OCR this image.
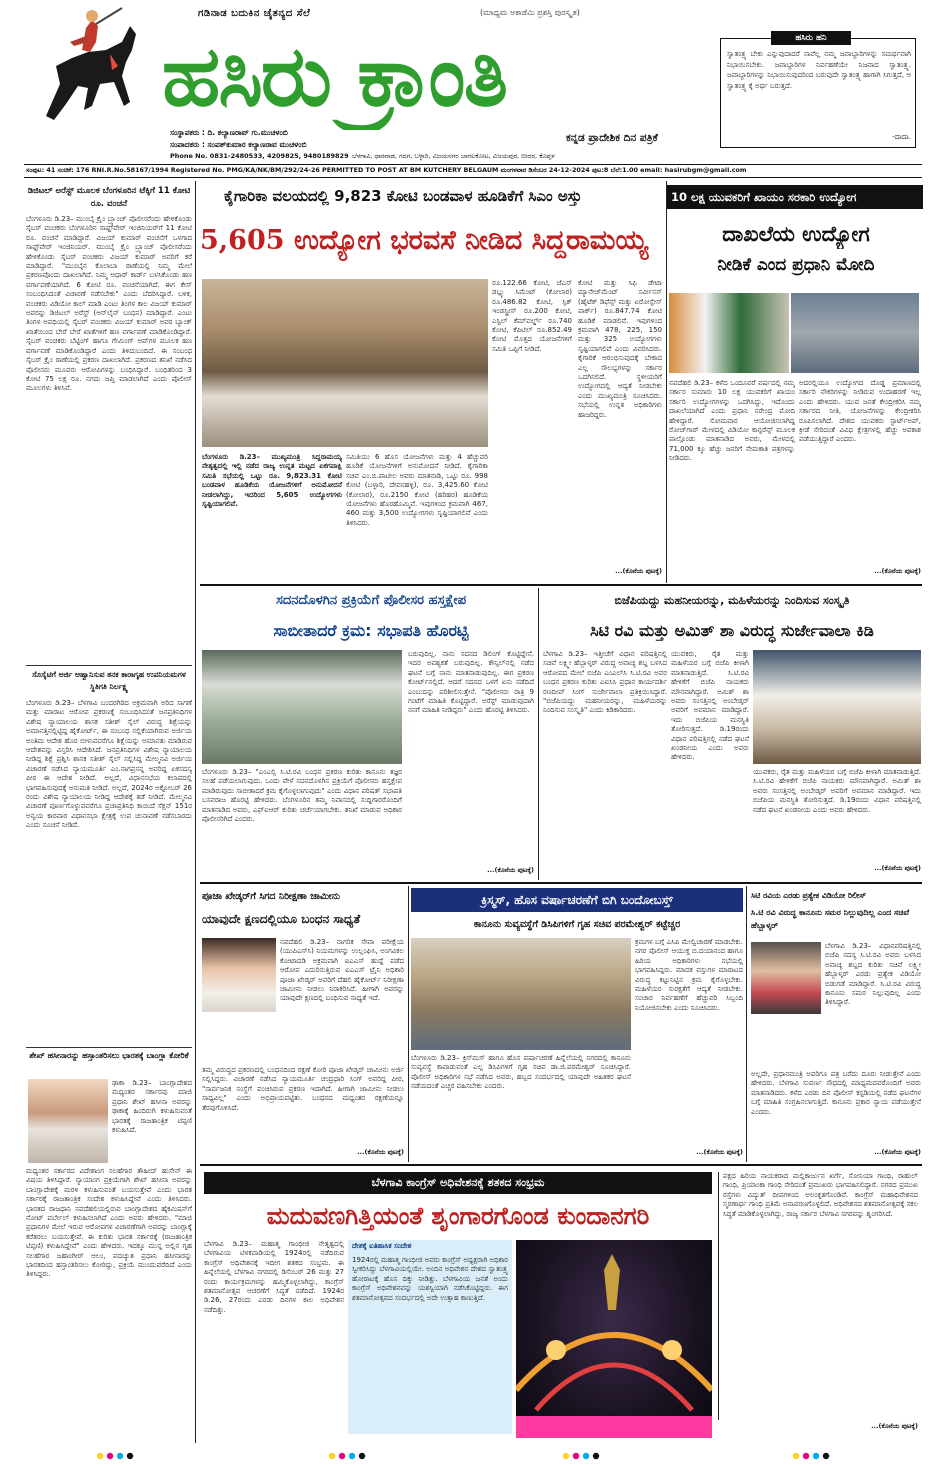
ಗಡಿನಾಡ ಬದುಕಿನ ಚೈತನ್ಯದ ಸೆಲೆ	(ಮಾಧ್ಯಮ ಅಕಾಡೆಮಿ ಪ್ರಶಸ್ತಿ ಪುರಸ್ಕೃತ)
ಹಸಿರು ಕ್ರಾಂತಿ
ಕನ್ನಡ ಪ್ರಾದೇಶಿಕ ದಿನ ಪತ್ರಿಕೆ
ಸಂಸ್ಥಾಪಕರು : ದಿ. ಕಲ್ಯಾಣರಾವ್ ಗು.ಮುಚಳಂಬಿ
ಸಂಪಾದಕರು : ಸಂಪತ್‌ಕುಮಾರ ಕಲ್ಯಾಣರಾವ ಮುಚಳಂಬಿ
Phone No. 0831-2480533, 4209825, 9480189829 ಬೆಳಗಾವಿ, ಧಾರವಾಡ, ಗದಗ, ಬಳ್ಳಾರಿ, ವಿಜಯನಗರ ಬಾಗಲಕೋಟ, ವಿಜಯಪುರ, ಬೀದರ, ಕೊಪ್ಪಳ
ಹಸಿರು ಹನಿ
ಸ್ವಾತಂತ್ರ್ಯ ಬೇಕು ಎನ್ನುವುದಾದರೆ ನಾವೆಲ್ಲ ನಮ್ಮ ಜವಾಬ್ದಾರಿಗಳನ್ನು ಸಮರ್ಥವಾಗಿ ನಿಭಾಯಿಸಬೇಕು. ಜವಾಬ್ದಾರಿಗಳ ನಿರ್ವಹಣೆಯೇ ನಿಜವಾದ ಸ್ವಾತಂತ್ರ್ಯ. ಜವಾಬ್ದಾರಿಗಳನ್ನು ನಿಭಾಯಿಸುವುದರಿಂದ ಬರುವುದೇ ಸ್ವಾತಂತ್ರ್ಯ ಹಾಗಾಗಿ ಸಿಗುತ್ತದೆ, ಆ ಸ್ವಾತಂತ್ರ್ಯ ಕ್ಕೆ ಅರ್ಥ ಬರುತ್ತದೆ.
-ದಾದಾ.
ಸಂಪುಟ: 41 ಸಂಚಿಕೆ: 176 RNI.R.No.58167/1994 Registered No. PMG/KA/NK/BM/292/24-26 PERMITTED TO POST AT BM KUTCHERY BELGAUM ಮಂಗಳವಾರ ಡಿಸೆಂಬರ 24-12-2024 ಪುಟ:8 ಬೆಲೆ:1.00 email: hasirubgm@gmail.com
ಡಿಜಿಟಲ್ ಅರೆಸ್ಟ್ ಮೂಲಕ ಬೆಂಗಳೂರಿನ ಟೆಕ್ಕಿಗೆ 11 ಕೋಟಿ ರೂ. ವಂಚನೆ
ಬೆಂಗಳೂರು ಡಿ.23– ಮುಂಬೈ ಕ್ರೈಂ ಬ್ರ್ಯಾಂಚ್ ಪೊಲೀಸರೆಂದು ಹೇಳಿಕೊಂಡು ಸೈಬರ್ ವಂಚಕರು ಬೆಂಗಳೂರಿನ ಸಾಫ್ಟ್‌ವೇರ್ ಇಂಜಿನಿಯರ್‌ಗೆ 11 ಕೋಟಿ ರೂ. ವಂಚನೆ ಮಾಡಿದ್ದಾರೆ. ವಿಜಯ್ ಕುಮಾರ್ ವಂಚನೆಗೆ ಒಳಗಾದ ಸಾಫ್ಟ್‌ವೇರ್ ಇಂಜಿನಿಯರ್. ಮುಂಬೈ ಕ್ರೈಂ ಬ್ರ್ಯಾಂಚ್ ಪೊಲೀಸರೆಂದು ಹೇಳಿಕೊಂಡು ಸೈಬರ್ ವಂಚಕರು ವಿಜಯ್ ಕುಮಾರ್ ಅವರಿಗೆ ಕರೆ ಮಾಡಿದ್ದಾರೆ. "ಮುಂಬೈನ ಕೊಲಾಬಾ ಠಾಣೆಯಲ್ಲಿ ನಿಮ್ಮ ಮೇಲೆ ಪ್ರಕರಣವೊಂದು ದಾಖಲಾಗಿದೆ. ನಿಮ್ಮ ಆಧಾರ್ ಕಾರ್ಡ್ ಬಳಸಿಕೊಂಡು ಹಣ ವರ್ಗಾವಣೆಯಾಗಿದೆ. 6 ಕೋಟಿ ರೂ. ವಂಚನೆಯಾಗಿದೆ. ಈಗ ಕೇಸ್ ಸಂಬಂಧಿಸಿದಂತೆ ವಿಚಾರಣೆ ನಡೆಸಬೇಕು" ಎಂದು ಬೆದರಿಸಿದ್ದಾರೆ. ಬಳಿಕ, ವಂಚಕರು ವಿಡಿಯೋ ಕಾಲ್ ಮಾಡಿ ಎಂಟು ತಿಂಗಳ ಕಾಲ ವಿಜಯ್ ಕುಮಾರ್ ಅವರನ್ನು ಡಿಜಿಟಲ್ ಅರೆಸ್ಟ್ (ಆನ್‌ಲೈನ್ ಬಂಧನ) ಮಾಡಿದ್ದಾರೆ. ಎಂಟು ತಿಂಗಳ ಅವಧಿಯಲ್ಲಿ ಸೈಬರ್ ವಂಚಕರು ವಿಜಯ್ ಕುಮಾರ್ ಅವರ ಬ್ಯಾಂಕ್ ಖಾತೆಯಿಂದ ಬೇರೆ ಬೇರೆ ಖಾತೆಗಳಿಗೆ ಹಣ ವರ್ಗಾವಣೆ ಮಾಡಿಕೊಂಡಿದ್ದಾರೆ. ಸೈಬರ್ ವಂಚಕರು ಬೆಟ್ಟಿಂಗ್ ಹಾಗೂ ಗೇಮಿಂಗ್ ಆಪ್‌ಗಳ ಮೂಲಕ ಹಣ ವರ್ಗಾವಣೆ ಮಾಡಿಕೊಂಡಿದ್ದಾರೆ ಎಂದು ತಿಳಿದುಬಂದಿದೆ. ಈ ಸಂಬಂಧ ಸೈಬರ್ ಕ್ರೈಂ ಠಾಣೆಯಲ್ಲಿ ಪ್ರಕರಣ ದಾಖಲಾಗಿದೆ. ಪ್ರಕರಣದ ತನಿಖೆ ನಡೆಸಿದ ಪೊಲೀಸರು ಮೂವರು ಆರೋಪಿಗಳನ್ನು ಬಂಧಿಸಿದ್ದಾರೆ. ಬಂಧಿತರಿಂದ 3 ಕೋಟಿ 75 ಲಕ್ಷ ರೂ. ನಗದು ಜಪ್ತಿ ಮಾಡಲಾಗಿದೆ ಎಂದು ಪೊಲೀಸ್ ಮೂಲಗಳು ತಿಳಿಸಿವೆ.
ಸೊಸೈಟಿಗೆ ಅರ್ಜಿ ಆಹ್ವಾನಿಸುವ ತನಕ ಕಾರಾಗೃಹ ಉಪನಿಯಮಗಳ ಸ್ಥಿತಿಗತಿ ನಿರ್ಲಕ್ಷ್ಯ
ಬೆಂಗಳೂರು ಡಿ.23– ಬೆಳಗಾವಿ ಬಂದರಗಿರಿದ ಅಕ್ರಮವಾಗಿ ಅರಿದ ಸಾಗಣೆ ಮತ್ತು ಮಾರಾಟ ಆರೋಪ ಪ್ರಕರಣಕ್ಕೆ ಸಂಬಂಧಿಸಿದಂತೆ ಜನಪ್ರತಿನಿಧಿಗಳ ವಿಶೇಷ ನ್ಯಾಯಾಲಯ ಶಾಸಕ ಸತೀಶ್ ಸೈಲ್ ವಿರುದ್ಧ ಶಿಕ್ಷೆಯನ್ನು ಅಮಾನತ್ತಿನಲ್ಲಿಟ್ಟಿದ್ದ ಹೈಕೋರ್ಟ್, ಈ ಸಂಬಂಧ ಸಲ್ಲಿಕೆಯಾಗಿರುವ ಅರ್ಜಿಯ ಅಂತಿಮ ಆದೇಶ ಹೊರ ಬೀಳುವವರೆಗೂ ಶಿಕ್ಷೆಯನ್ನು ಅಮಾನತು ಮಾಡಿರುವ ಆದೇಶವನ್ನು ವಿಸ್ತರಿಸಿ ಆದೇಶಿಸಿದೆ. ಜನಪ್ರತಿನಿಧಿಗಳ ವಿಶೇಷ ನ್ಯಾಯಾಲಯ ನೀಡಿದ್ದ ಶಿಕ್ಷೆ ಪ್ರಶ್ನಿಸಿ ಶಾಸಕ ಸತೀಶ್ ಸೈಲ್ ಸಲ್ಲಿಸಿದ್ದ ಮೇಲ್ಮನವಿ ಅರ್ಜಿಯ ವಿಚಾರಣೆ ನಡೆಸಿದ ನ್ಯಾಯಮೂರ್ತಿ ಎಂ.ನಾಗಪ್ರಸನ್ನ ಅವರಿದ್ದ ಏಕಸದಸ್ಯ ಪೀಠ ಈ ಆದೇಶ ನೀಡಿದೆ. ಅಲ್ಲದೆ, ವಿಧಾನಸಭೆಯ ಕಲಾಪದಲ್ಲಿ ಭಾಗವಹಿಸುವುದಕ್ಕೆ ಅನುಮತಿ ನೀಡಿದೆ. ಅಲ್ಲದೆ, 2024ರ ಅಕ್ಟೋಬರ್ 26 ರಂದು ವಿಶೇಷ ನ್ಯಾಯಾಲಯ ನೀಡಿದ್ದ ಆದೇಶಕ್ಕೆ ತಡೆ ನೀಡಿದೆ. ಮೇಲ್ಮನವಿ ವಿಚಾರಣೆ ಪೂರ್ಣಗೊಳ್ಳುವವರೆಗೂ ಪ್ರಜಾಪ್ರತಿನಿಧಿ ಕಾಯಿದೆ ಸೆಕ್ಷನ್ 151ರ ಅನ್ವಯ ಕಾರವಾರ ವಿಧಾನಸಭಾ ಕ್ಷೇತ್ರಕ್ಕೆ ಉಪ ಚುನಾವಣೆ ನಡೆಸಬಾರದು ಎಂದು ಸೂಚನೆ ನೀಡಿದೆ.
ಶೇಖ್ ಹಸೀನಾರನ್ನು ಹಸ್ತಾಂತರಿಸಲು ಭಾರತಕ್ಕೆ ಬಾಂಗ್ಲಾ ಕೋರಿಕೆ
ಢಾಕಾ ಡಿ.23– ಬಾಂಗ್ಲಾದೇಶದ ಮಧ್ಯಂತರ ಸರ್ಕಾರವು ಮಾಜಿ ಪ್ರಧಾನಿ ಶೇಖ್ ಹಸೀನಾ ಅವರನ್ನು ಢಾಕಾಕ್ಕೆ ಹಿಂದಿರುಗಿ ಕಳುಹಿಸುವಂತೆ ಭಾರತಕ್ಕೆ ರಾಜತಾಂತ್ರಿಕ ಟಿಪ್ಪಣಿ ಕಳುಹಿಸಿದೆ.
ಮಧ್ಯಂತರ ಸರ್ಕಾರದ ವಿದೇಶಾಂಗ ಸಲಹೆಗಾರ ತೌಹೀದ್ ಹುಸೇನ್ ಈ ವಿಷಯ ತಿಳಿಸಿದ್ದಾರೆ. ನ್ಯಾಯಾಂಗ ಪ್ರಕ್ರಿಯೆಗಾಗಿ ಶೇಖ್ ಹಸೀನಾ ಅವರನ್ನು ಬಾಂಗ್ಲಾದೇಶಕ್ಕೆ ಮರಳಿ ಕಳುಹಿಸುವಂತೆ ಬಯಸುತ್ತೇವೆ ಎಂದು ಭಾರತ ಸರ್ಕಾರಕ್ಕೆ ರಾಜತಾಂತ್ರಿಕ ಸಂದೇಶ ಕಳುಹಿಸಿದ್ದೇವೆ ಎಂದು ತಿಳಿಸಿದರು. ಭಾರತದ ರಾಜಧಾನಿ ನವದೆಹಲಿಯಲ್ಲಿರುವ ಬಾಂಗ್ಲಾದೇಶದ ಹೈಕಮಿಷನ್‌ಗೆ ನೋಟ್ ವರ್ಬೇಲ್ ಕಳುಹಿಸಲಾಗಿದೆ ಎಂದು ಅವರು ಹೇಳಿದರು. "ಮಾಜಿ ಪ್ರಧಾನಿಗಳ ಮೇಲೆ ಇರುವ ಆರೋಪಗಳ ವಿಚಾರಣೆಗಾಗಿ ಅವರನ್ನು ಬಾಂಗ್ಲಾಕ್ಕೆ ಕರೆತರಲು ಬಯಸುತ್ತೇವೆ. ಈ ಕುರಿತು ಭಾರತ ಸರ್ಕಾರಕ್ಕೆ (ರಾಜತಾಂತ್ರಿಕ ಟಿಪ್ಪಣಿ) ಕಳುಹಿಸಿದ್ದೇವೆ" ಎಂದು ಹೇಳಿದರು. ಇದಕ್ಕೂ ಮುನ್ನ ಅಲ್ಲಿನ ಗೃಹ ಸಲಹೆಗಾರ ಜಹಾಂಗೀರ್ ಆಲಂ, ಪದಚ್ಯುತ ಪ್ರಧಾನಿ ಹಸೀನಾರನ್ನು ಭಾರತದಿಂದ ಹಸ್ತಾಂತರಿಸಲು ಕೋರಿದ್ದು, ಪ್ರಕ್ರಿಯೆ ಮುಂದುವರೆದಿದೆ ಎಂದು ತಿಳಿಸಿದ್ದರು.
ಕೈಗಾರಿಕಾ ವಲಯದಲ್ಲಿ 9,823 ಕೋಟಿ ಬಂಡವಾಳ ಹೂಡಿಕೆಗೆ ಸಿಎಂ ಅಸ್ತು
5,605 ಉದ್ಯೋಗ ಭರವಸೆ ನೀಡಿದ ಸಿದ್ದರಾಮಯ್ಯ
ಬೆಂಗಳೂರು ಡಿ.23– ಮುಖ್ಯಮಂತ್ರಿ ಸಿದ್ದರಾಮಯ್ಯ ನೇತೃತ್ವದಲ್ಲಿ ಇಲ್ಲಿ ನಡೆದ ರಾಜ್ಯ ಉನ್ನತ ಮಟ್ಟದ ಏಕಗವಾಕ್ಷಿ ಸಮಿತಿ ಸಭೆಯಲ್ಲಿ ಒಟ್ಟು ರೂ. 9,823.31 ಕೋಟಿ ಬಂಡವಾಳ ಹೂಡಿಕೆಯ ಯೋಜನೆಗಳಿಗೆ ಅನುಮೋದನೆ ನೀಡಲಾಗಿದ್ದು, ಇದರಿಂದ 5,605 ಉದ್ಯೋಗಗಳು ಸೃಷ್ಟಿಯಾಗಲಿವೆ.
ಸಮಿತಿಯು 6 ಹೊಸ ಯೋಜನೆಗಳು ಮತ್ತು 4 ಹೆಚ್ಚುವರಿ ಹೂಡಿಕೆ ಯೋಜನೆಗಳಿಗೆ ಅನುಮೋದನೆ ನೀಡಿದೆ. ಕೈಗಾರಿಕಾ ಸಚಿವ ಎಂ.ಬಿ.ಪಾಟೀಲ ಅವರು ಮಾತನಾಡಿ, ಒಟ್ಟು ರೂ. 998 ಕೋಟಿ (ಬಳ್ಳಾರಿ, ದೇವನಹಳ್ಳಿ), ರೂ. 3,425.60 ಕೋಟಿ (ಕೋಲಾರ), ರೂ.2150 ಕೋಟಿ (ಹರಿಹರ) ಹೂಡಿಕೆಯ ಯೋಜನೆಗಳು ಹೊರಹೊಮ್ಮಿವೆ. ಇವುಗಳಿಂದ ಕ್ರಮವಾಗಿ 467, 460 ಮತ್ತು 3,500 ಉದ್ಯೋಗಗಳು ಸೃಷ್ಟಿಯಾಗಲಿವೆ ಎಂದು ತಿಳಿಸಿದರು.
ರೂ.122.66 ಕೋಟಿ, ಜೆಎಸ್ ಡಬ್ಲ್ಯು ಸಿಮೆಂಟ್ (ಕೋಲಾರ) ರೂ.486.82 ಕೋಟಿ, ಸ್ಪಿಕ್ ಇಂಡಸ್ಟ್ರೀಸ್ ರೂ.200 ಕೋಟಿ, ಎಸ್ಟಿಲ್ ಕೆಮ್‌ವರ್ಲ್ಡ್ ರೂ.740 ಕೋಟಿ, ಕೆಪಿಟಿಲ್ ರೂ.852.49 ಕೋಟಿ ಮೊತ್ತದ ಯೋಜನೆಗಳಿಗೆ ಸಮಿತಿ ಒಪ್ಪಿಗೆ ನೀಡಿದೆ.
ಕೋಟಿ ಮತ್ತು ಸಿಫಿ ಡೇಟಾ ಮ್ಯಾನೇಜ್‌ಮೆಂಟ್ ಸರ್ವೀಸಸ್ (ಹೈಟೆಕ್ ಡಿಫೆನ್ಸ್ ಮತ್ತು ಏರೋಸ್ಪೇಸ್ ಪಾರ್ಕ್) ರೂ.847.74 ಕೋಟಿ ಹೂಡಿಕೆ ಮಾಡಲಿವೆ. ಇವುಗಳಿಂದ ಕ್ರಮವಾಗಿ 478, 225, 150 ಮತ್ತು 325 ಉದ್ಯೋಗಗಳು ಸೃಷ್ಟಿಯಾಗಲಿವೆ ಎಂದು ವಿವರಿಸಿದರು. ಕೈಗಾರಿಕೆ ಆರಂಭಿಸುವುದಕ್ಕೆ ಬೇಕಾದ ಎಲ್ಲ ಸೌಲಭ್ಯಗಳನ್ನು ಸರ್ಕಾರ ಒದಗಿಸಲಿದೆ. ಸ್ಥಳೀಯರಿಗೆ ಉದ್ಯೋಗದಲ್ಲಿ ಆದ್ಯತೆ ನೀಡಬೇಕು ಎಂದು ಮುಖ್ಯಮಂತ್ರಿ ಸೂಚಿಸಿದರು. ಸಭೆಯಲ್ಲಿ ಉನ್ನತ ಅಧಿಕಾರಿಗಳು ಹಾಜರಿದ್ದರು.
...(ಕೊನೆಯ ಪುಟಕ್ಕೆ)
10 ಲಕ್ಷ ಯುವಕರಿಗೆ ಖಾಯಂ ಸರಕಾರಿ ಉದ್ಯೋಗ
ದಾಖಲೆಯ ಉದ್ಯೋಗ
ನೀಡಿಕೆ ಎಂದ ಪ್ರಧಾನಿ ಮೋದಿ
ನವದೆಹಲಿ ಡಿ.23– ಕಳೆದ ಒಂದೂವರೆ ವರ್ಷದಲ್ಲಿ ನಮ್ಮ ಸರ್ಕಾರ ಸುಮಾರು 10 ಲಕ್ಷ ಯುವಕರಿಗೆ ಖಾಯಂ ಸರ್ಕಾರಿ ಉದ್ಯೋಗಗಳನ್ನು ಒದಗಿಸಿದ್ದು, ಇದೊಂದು ದಾಖಲೆಯಾಗಿದೆ ಎಂದು ಪ್ರಧಾನಿ ನರೇಂದ್ರ ಮೋದಿ ಹೇಳಿದ್ದಾರೆ. ಸೋಮವಾರ ಆಯೋಜಿಸಲಾಗಿದ್ದ ರೋಜ್‌ಗಾರ್ ಮೇಳದಲ್ಲಿ ವಿಡಿಯೋ ಕಾನ್ಫರೆನ್ಸ್ ಮೂಲಕ ಪಾಲ್ಗೊಂಡು ಮಾತನಾಡಿದ ಅವರು, ಮೇಳದಲ್ಲಿ 71,000 ಕ್ಕೂ ಹೆಚ್ಚು ಜನರಿಗೆ ನೇಮಕಾತಿ ಪತ್ರಗಳನ್ನು ನೀಡಿದರು.
ಅದರಲ್ಲಿಯೂ ಉದ್ಯೋಗದ ದೊಡ್ಡ ಪ್ರಮಾಣದಲ್ಲಿ ಸರ್ಕಾರಿ ನೌಕರಿಗಳನ್ನು ನೀಡಿರುವ ಉದಾಹರಣೆ ಇಲ್ಲ ಎಂದು ಹೇಳಿದರು. ಯುವ ಜನತೆ ಕೇಂದ್ರೀಕರಿಸಿ ನಮ್ಮ ಸರ್ಕಾರದ ನೀತಿ, ಯೋಜನೆಗಳನ್ನು ಕೇಂದ್ರೀಕರಿಸಿ ರೂಪಿಸಲಾಗಿದೆ. ದೇಶದ ಯುವಕರು ಸ್ಟಾರ್ಟ್‌ಅಪ್, ಕ್ರೀಡೆ ಸೇರಿದಂತೆ ವಿವಿಧ ಕ್ಷೇತ್ರಗಳಲ್ಲಿ ಹೆಚ್ಚು ಅವಕಾಶ ಪಡೆಯುತ್ತಿದ್ದಾರೆ ಎಂದರು.
...(ಕೊನೆಯ ಪುಟಕ್ಕೆ)
ಸದನದೊಳಗಿನ ಪ್ರಕ್ರಿಯೆಗೆ ಪೊಲೀಸರ ಹಸ್ತಕ್ಷೇಪ
ಸಾಬೀತಾದರೆ ಕ್ರಮ: ಸಭಾಪತಿ ಹೊರಟ್ಟಿ
ಬೆಂಗಳೂರು ಡಿ.23– "ಎಂಎಲ್ಸಿ ಸಿ.ಟಿ.ರವಿ ಬಂಧನ ಪ್ರಕರಣ ಕುರಿತು ಕಾನೂನು ತಜ್ಞರ ಸಲಹೆ ಪಡೆಯಲಾಗುವುದು. ಒಂದು ವೇಳೆ ಸದನದೊಳಗಿನ ಪ್ರಕ್ರಿಯೆಗೆ ಪೊಲೀಸರು ಹಸ್ತಕ್ಷೇಪ ಮಾಡಿರುವುದು ಸಾಬೀತಾದರೆ ಕ್ರಮ ಕೈಗೊಳ್ಳಲಾಗುವುದು" ಎಂದು ವಿಧಾನ ಪರಿಷತ್ ಸಭಾಪತಿ ಬಸವರಾಜ ಹೊರಟ್ಟಿ ಹೇಳಿದರು. ಬೆಂಗಳೂರಿನ ತಮ್ಮ ನಿವಾಸದಲ್ಲಿ ಸುದ್ದಿಗಾರರೊಂದಿಗೆ ಮಾತನಾಡಿದ ಅವರು, ಎಫ್‌ಐಆರ್ ಕುರಿತು ಚರ್ಚೆಯಾಗಬೇಕು. ತನಿಖೆ ಮಾಡುವ ಅಧಿಕಾರ ಪೊಲೀಸರಿಗಿದೆ ಎಂದರು.
ಬರುವುದಿಲ್ಲ. ನಾನು ಸದನದ ಡಿಲಿಂಗ್ ಕೊಟ್ಟಿದ್ದೇನೆ. ಇದರ ಅವಶ್ಯಕತೆ ಬರುವುದಿಲ್ಲ. ಕೌನ್ಸಿಲ್‌ನಲ್ಲಿ ನಡೆದ ಘಟನೆ ಬಗ್ಗೆ ನಾನು ಮಾತನಾಡುವುದಿಲ್ಲ. ಈಗ ಪ್ರಕರಣ ಕೋರ್ಟ್‌ನಲ್ಲಿದೆ. ಆದರೆ ಸದನದ ಒಳಗೆ ಏನು ನಡೆದಿದೆ ಎಂಬುದನ್ನು ಪರಿಶೀಲಿಸುತ್ತೇನೆ. "ಪೊಲೀಸರು ರಾತ್ರಿ 9 ಗಂಟೆಗೆ ಮಾಹಿತಿ ಕೊಟ್ಟಿದ್ದಾರೆ. ಅರೆಸ್ಟ್ ಮಾಡುವುದಾಗಿ ನನಗೆ ಮಾಹಿತಿ ನೀಡಿದ್ದರು" ಎಂದು ಹೊರಟ್ಟಿ ತಿಳಿಸಿದರು.
...(ಕೊನೆಯ ಪುಟಕ್ಕೆ)
ಬಿಜೆಪಿಯದ್ದು ಮಹನೀಯರನ್ನು, ಮಹಿಳೆಯರನ್ನು ನಿಂದಿಸುವ ಸಂಸ್ಕೃತಿ
ಸಿಟಿ ರವಿ ಮತ್ತು ಅಮಿತ್ ಶಾ ವಿರುದ್ಧ ಸುರ್ಜೇವಾಲಾ ಕಿಡಿ
ಬೆಳಗಾವಿ ಡಿ.23– ಇತ್ತೀಚೆಗೆ ವಿಧಾನ ಪರಿಷತ್ತಿನಲ್ಲಿ ಸಚಿವೆ ಲಕ್ಷ್ಮೀ ಹೆಬ್ಬಾಳ್ಕರ್ ವಿರುದ್ಧ ಅವಾಚ್ಯ ಶಬ್ದ ಬಳಸಿದ ಆರೋಪದ ಮೇಲೆ ಬಿಜೆಪಿ ಎಂಎಲ್‌ಸಿ ಸಿ.ಟಿ.ರವಿ ಅವರ ಬಂಧನ ಪ್ರಕರಣ ಕುರಿತು ಎಐಸಿಸಿ ಪ್ರಧಾನ ಕಾರ್ಯದರ್ಶಿ ರಣದೀಪ್ ಸಿಂಗ್ ಸುರ್ಜೇವಾಲಾ ಪ್ರತಿಕ್ರಿಯಿಸಿದ್ದಾರೆ. "ಬಿಜೆಪಿಯದ್ದು ಮಹನೀಯರನ್ನು, ಮಹಿಳೆಯರನ್ನು ನಿಂದಿಸುವ ಸಂಸ್ಕೃತಿ" ಎಂದು ಕಿಡಿಕಾರಿದರು.
ಯುವಕರು, ರೈತ ಮತ್ತು ಮಹಿಳೆಯರ ಬಗ್ಗೆ ಬಿಜೆಪಿ ಕೀಳಾಗಿ ಮಾತನಾಡುತ್ತಿದೆ. ಸಿ.ಟಿ.ರವಿ ಹೇಳಿಕೆಗೆ ಬಿಜೆಪಿ ನಾಯಕರು ಮೌನವಾಗಿದ್ದಾರೆ. ಅಮಿತ್ ಶಾ ಅವರು ಸಂಸತ್ತಿನಲ್ಲಿ ಅಂಬೇಡ್ಕರ್ ಅವರಿಗೆ ಅವಮಾನ ಮಾಡಿದ್ದಾರೆ. ಇದು ಬಿಜೆಪಿಯ ಮನಸ್ಥಿತಿ ತೋರಿಸುತ್ತದೆ. ಡಿ.19ರಂದು ವಿಧಾನ ಪರಿಷತ್ತಿನಲ್ಲಿ ನಡೆದ ಘಟನೆ ಖಂಡನೀಯ ಎಂದು ಅವರು ಹೇಳಿದರು.
ಯುವಕರು, ರೈತ ಮತ್ತು ಮಹಿಳೆಯರ ಬಗ್ಗೆ ಬಿಜೆಪಿ ಕೀಳಾಗಿ ಮಾತನಾಡುತ್ತಿದೆ. ಸಿ.ಟಿ.ರವಿ ಹೇಳಿಕೆಗೆ ಬಿಜೆಪಿ ನಾಯಕರು ಮೌನವಾಗಿದ್ದಾರೆ. ಅಮಿತ್ ಶಾ ಅವರು ಸಂಸತ್ತಿನಲ್ಲಿ ಅಂಬೇಡ್ಕರ್ ಅವರಿಗೆ ಅವಮಾನ ಮಾಡಿದ್ದಾರೆ. ಇದು ಬಿಜೆಪಿಯ ಮನಸ್ಥಿತಿ ತೋರಿಸುತ್ತದೆ. ಡಿ.19ರಂದು ವಿಧಾನ ಪರಿಷತ್ತಿನಲ್ಲಿ ನಡೆದ ಘಟನೆ ಖಂಡನೀಯ ಎಂದು ಅವರು ಹೇಳಿದರು.
...(ಕೊನೆಯ ಪುಟಕ್ಕೆ)
ಪೂಜಾ ಖೇಡ್ಕರ್‌ಗೆ ಸಿಗದ ನಿರೀಕ್ಷಣಾ ಜಾಮೀನು
ಯಾವುದೇ ಕ್ಷಣದಲ್ಲಿಯೂ ಬಂಧನ ಸಾಧ್ಯತೆ
ನವದೆಹಲಿ ಡಿ.23– ನಾಗರಿಕ ಸೇವಾ ಪರೀಕ್ಷೆಯ (ಯುಪಿಎಸ್‌ಸಿ) ನಿಯಮಗಳನ್ನು ಉಲ್ಲಂಘಿಸಿ, ಅಂಗವಿಕಲ ಕೋಟಾದಡಿ ಅಕ್ರಮವಾಗಿ ಐಎಎಸ್ ಹುದ್ದೆ ಪಡೆದ ಆರೋಪ ಎದುರಿಸುತ್ತಿರುವ ಐಎಎಸ್ ಟ್ರೈನಿ ಅಧಿಕಾರಿ ಪೂಜಾ ಖೇಡ್ಕರ್ ಅವರಿಗೆ ದೆಹಲಿ ಹೈಕೋರ್ಟ್ ನಿರೀಕ್ಷಣಾ ಜಾಮೀನು ನೀಡಲು ನಿರಾಕರಿಸಿದೆ. ಹೀಗಾಗಿ ಅವರನ್ನು ಯಾವುದೇ ಕ್ಷಣದಲ್ಲಿ ಬಂಧಿಸುವ ಸಾಧ್ಯತೆ ಇದೆ.
ತಮ್ಮ ವಿರುದ್ಧದ ಪ್ರಕರಣದಲ್ಲಿ ಬಂಧನದಿಂದ ರಕ್ಷಣೆ ಕೋರಿ ಪೂಜಾ ಖೇಡ್ಕರ್ ಜಾಮೀನು ಅರ್ಜಿ ಸಲ್ಲಿಸಿದ್ದರು. ವಿಚಾರಣೆ ನಡೆಸಿದ ನ್ಯಾಯಮೂರ್ತಿ ಚಂದ್ರಧಾರಿ ಸಿಂಗ್ ಅವರಿದ್ದ ಪೀಠ, "ಸಾರ್ವಜನಿಕ ಸಂಸ್ಥೆಗೆ ವಂಚಿಸಿರುವ ಪ್ರಕರಣ ಇದಾಗಿದೆ. ಹೀಗಾಗಿ ಜಾಮೀನು ನೀಡಲು ಸಾಧ್ಯವಿಲ್ಲ" ಎಂದು ಅಭಿಪ್ರಾಯಪಟ್ಟಿತು. ಬಂಧನದ ಮಧ್ಯಂತರ ರಕ್ಷಣೆಯನ್ನೂ ತೆರವುಗೊಳಿಸಿದೆ.
...(ಕೊನೆಯ ಪುಟಕ್ಕೆ)
ಕ್ರಿಸ್ಮಸ್, ಹೊಸ ವರ್ಷಾಚರಣೆಗೆ ಬಿಗಿ ಬಂದೋಬಸ್ತ್
ಕಾನೂನು ಸುವ್ಯವಸ್ಥೆಗೆ ಡಿಸಿಪಿಗಳಿಗೆ ಗೃಹ ಸಚಿವ ಪರಮೇಶ್ವರ್ ಕಟ್ಟೆಚ್ಚರ
ಬೆಂಗಳೂರು ಡಿ.23– ಕ್ರಿಸ್‌ಮಸ್ ಹಾಗೂ ಹೊಸ ವರ್ಷಾಚರಣೆ ಹಿನ್ನೆಲೆಯಲ್ಲಿ ನಗರದಲ್ಲಿ ಕಾನೂನು ಸುವ್ಯವಸ್ಥೆ ಕಾಪಾಡುವಂತೆ ಎಲ್ಲ ಡಿಸಿಪಿಗಳಿಗೆ ಗೃಹ ಸಚಿವ ಡಾ.ಜಿ.ಪರಮೇಶ್ವರ್ ಸೂಚಿಸಿದ್ದಾರೆ. ಪೊಲೀಸ್ ಅಧಿಕಾರಿಗಳ ಸಭೆ ನಡೆಸಿದ ಅವರು, ಹಬ್ಬದ ಸಂದರ್ಭದಲ್ಲಿ ಯಾವುದೇ ಅಹಿತಕರ ಘಟನೆ ನಡೆಯದಂತೆ ಎಚ್ಚರ ವಹಿಸಬೇಕು ಎಂದರು.
ಕ್ರಮಗಳ ಬಗ್ಗೆ ಎಸಿಪಿ ಮೇಲ್ವಿಚಾರಣೆ ಮಾಡಬೇಕು. ನಗರ ಪೊಲೀಸ್ ಆಯುಕ್ತ ಬಿ.ದಯಾನಂದ ಹಾಗೂ ಹಿರಿಯ ಅಧಿಕಾರಿಗಳು ಸಭೆಯಲ್ಲಿ ಭಾಗವಹಿಸಿದ್ದರು. ಮಾದಕ ವಸ್ತುಗಳ ಮಾರಾಟದ ವಿರುದ್ಧ ಕಟ್ಟುನಿಟ್ಟಿನ ಕ್ರಮ ಕೈಗೊಳ್ಳಬೇಕು. ಮಹಿಳೆಯರ ಸುರಕ್ಷತೆಗೆ ಆದ್ಯತೆ ನೀಡಬೇಕು. ಸಂಚಾರ ನಿರ್ವಹಣೆಗೆ ಹೆಚ್ಚುವರಿ ಸಿಬ್ಬಂದಿ ನಿಯೋಜಿಸಬೇಕು ಎಂದು ಸೂಚಿಸಿದರು.
...(ಕೊನೆಯ ಪುಟಕ್ಕೆ)
ಸಿಟಿ ರವಿಯ ಎರಡು ಪ್ರತ್ಯೇಕ ವಿಡಿಯೋ ರಿಲೀಸ್
ಸಿ.ಟಿ ರವಿ ವಿರುದ್ಧ ಕಾನೂನು ಸಮರ ನಿಲ್ಲುವುದಿಲ್ಲ ಎಂದ ಸಚಿವೆ ಹೆಬ್ಬಾಳ್ಕರ್
ಬೆಳಗಾವಿ ಡಿ.23– ವಿಧಾನಪರಿಷತ್ತಿನಲ್ಲಿ ಬಿಜೆಪಿ ಸದಸ್ಯ ಸಿ.ಟಿ.ರವಿ ಅವರು ಬಳಸಿದ ಅವಾಚ್ಯ ಶಬ್ದದ ಕುರಿತು ಸಚಿವೆ ಲಕ್ಷ್ಮೀ ಹೆಬ್ಬಾಳ್ಕರ್ ಎರಡು ಪ್ರತ್ಯೇಕ ವಿಡಿಯೋ ಬಿಡುಗಡೆ ಮಾಡಿದ್ದಾರೆ. ಸಿ.ಟಿ.ರವಿ ವಿರುದ್ಧ ಕಾನೂನು ಸಮರ ನಿಲ್ಲುವುದಿಲ್ಲ ಎಂದು ತಿಳಿಸಿದ್ದಾರೆ.
ಅಲ್ಲದೇ, ಪ್ರಧಾನಮಂತ್ರಿ ಅವರಿಗೂ ಪತ್ರ ಬರೆದು ದೂರು ನೀಡುತ್ತೇನೆ ಎಂದು ಹೇಳಿದರು. ಬೆಳಗಾವಿ ಸುವರ್ಣ ಸೌಧದಲ್ಲಿ ಮಾಧ್ಯಮದವರೊಂದಿಗೆ ಅವರು ಮಾತನಾಡಿದರು. ಕಳೆದ ಎರಡು ದಿನ ಪೊಲೀಸ್ ಕಸ್ಟಡಿಯಲ್ಲಿ ನಡೆದ ಘಟನೆಗಳ ಬಗ್ಗೆ ಮಾಹಿತಿ ಸಂಗ್ರಹಿಸಲಾಗುತ್ತಿದೆ. ಕಾನೂನು ಪ್ರಕಾರ ನ್ಯಾಯ ಪಡೆಯುತ್ತೇನೆ ಎಂದರು.
...(ಕೊನೆಯ ಪುಟಕ್ಕೆ)
ಬೆಳಗಾವಿ ಕಾಂಗ್ರೆಸ್ ಅಧಿವೇಶನಕ್ಕೆ ಶತಕದ ಸಂಭ್ರಮ
ಮದುವಣಗಿತ್ತಿಯಂತೆ ಶೃಂಗಾರಗೊಂಡ ಕುಂದಾನಗರಿ
ಬೆಳಗಾವಿ ಡಿ.23– ಮಹಾತ್ಮ ಗಾಂಧೀಜಿ ನೇತೃತ್ವದಲ್ಲಿ ಬೆಳಗಾವಿಯ ಟಿಳಕವಾಡಿಯಲ್ಲಿ 1924ರಲ್ಲಿ ನಡೆದಿರುವ ಕಾಂಗ್ರೆಸ್ ಅಧಿವೇಶನಕ್ಕೆ ಇದೀಗ ಶತಕದ ಸಂಭ್ರಮ. ಈ ಹಿನ್ನೆಲೆಯಲ್ಲಿ ಬೆಳಗಾವಿ ನಗರದಲ್ಲಿ ಡಿಸೆಂಬರ್ 26 ಮತ್ತು 27 ರಂದು ಕಾರ್ಯಕ್ರಮಗಳನ್ನು ಹಮ್ಮಿಕೊಳ್ಳಲಾಗಿದ್ದು, ಕಾಂಗ್ರೆಸ್ ಶತಮಾನೋತ್ಸವ ಆಚರಣೆಗೆ ಸಿದ್ಧತೆ ನಡೆದಿದೆ. 1924ರ ಡಿ.26, 27ರಂದು ಎರಡು ದಿನಗಳ ಕಾಲ ಅಧಿವೇಶನ ನಡೆದಿತ್ತು.
ದೇಶಕ್ಕೆ ಐತಿಹಾಸಿಕ ಸಂದೇಶ
1924ರಲ್ಲಿ ಮಹಾತ್ಮ ಗಾಂಧೀಜಿ ಅವರು ಕಾಂಗ್ರೆಸ್ ಅಧ್ಯಕ್ಷರಾಗಿ ಅಧಿಕಾರ ಸ್ವೀಕರಿಸಿದ್ದು ಬೆಳಗಾವಿಯಲ್ಲಿಯೇ. ಅಂದಿನ ಅಧಿವೇಶನ ದೇಶದ ಸ್ವಾತಂತ್ರ್ಯ ಹೋರಾಟಕ್ಕೆ ಹೊಸ ದಿಕ್ಕು ನೀಡಿತ್ತು. ಬೆಳಗಾವಿಯ ಜನತೆ ಅಂದು ಕಾಂಗ್ರೆಸ್ ಅಧಿವೇಶನವನ್ನು ಯಶಸ್ವಿಯಾಗಿ ನಡೆಸಿಕೊಟ್ಟಿದ್ದರು. ಈಗ ಶತಮಾನೋತ್ಸವದ ಸಂದರ್ಭದಲ್ಲಿ ಅದೇ ಉತ್ಸಾಹ ಕಾಣುತ್ತಿದೆ.
ಪಕ್ಷದ ಹಿರಿಯ ನಾಯಕರಾದ ಮಲ್ಲಿಕಾರ್ಜುನ ಖರ್ಗೆ, ಸೋನಿಯಾ ಗಾಂಧಿ, ರಾಹುಲ್ ಗಾಂಧಿ, ಪ್ರಿಯಾಂಕಾ ಗಾಂಧಿ ಸೇರಿದಂತೆ ಪ್ರಮುಖರು ಭಾಗವಹಿಸಲಿದ್ದಾರೆ. ನಗರದ ಪ್ರಮುಖ ರಸ್ತೆಗಳು ವಿದ್ಯುತ್ ದೀಪಗಳಿಂದ ಅಲಂಕೃತಗೊಂಡಿವೆ. ಕಾಂಗ್ರೆಸ್ ಮಹಾಧಿವೇಶನದ ಸ್ಮರಣಾರ್ಥ ಗಾಂಧಿ ಪ್ರತಿಮೆ ಅನಾವರಣಗೊಳ್ಳಲಿದೆ. ಅಧಿವೇಶನದ ಶತಮಾನೋತ್ಸವಕ್ಕೆ ಸಕಲ ಸಿದ್ಧತೆ ಮಾಡಿಕೊಳ್ಳಲಾಗಿದ್ದು, ರಾಜ್ಯ ಸರ್ಕಾರ ಬೆಳಗಾವಿ ನಗರವನ್ನು ಶೃಂಗರಿಸಿದೆ.
...(ಕೊನೆಯ ಪುಟಕ್ಕೆ)
